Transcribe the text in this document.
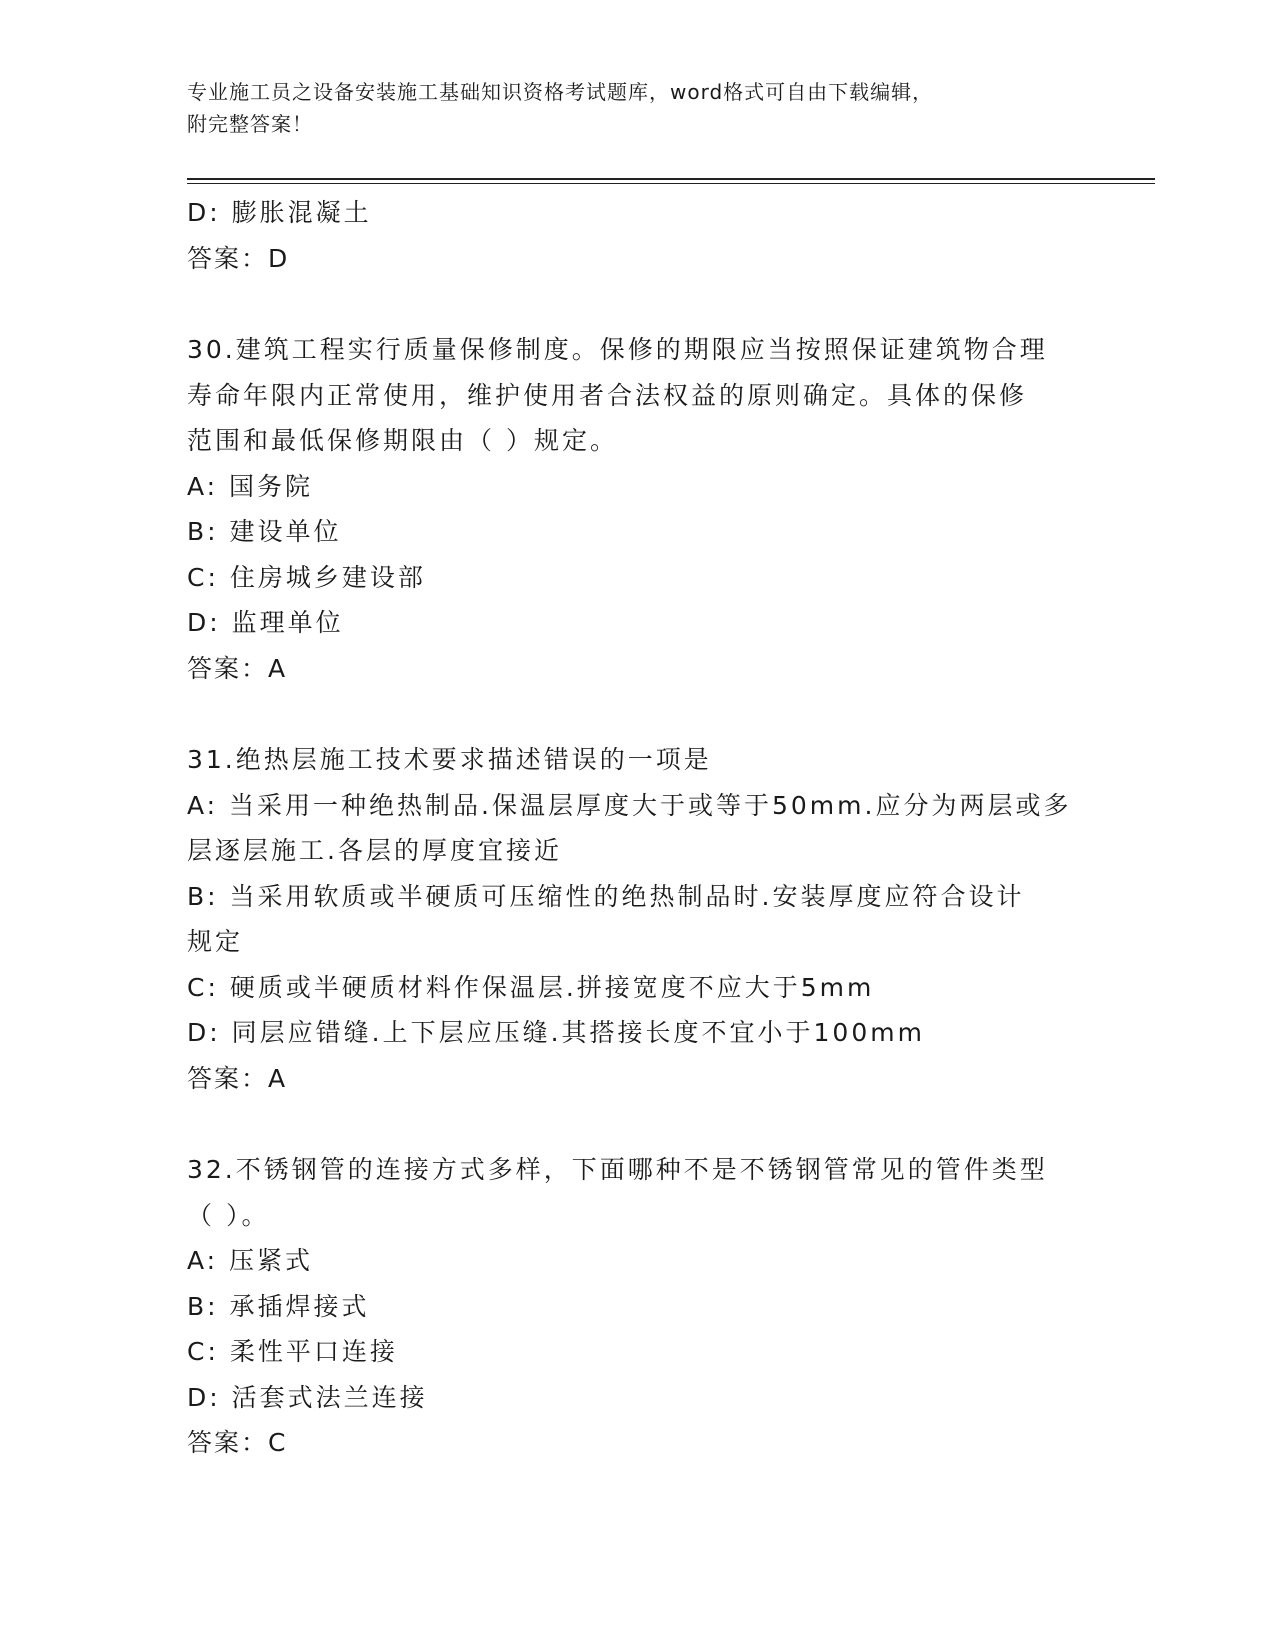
专业施工员之设备安装施工基础知识资格考试题库，word格式可自由下载编辑，
附完整答案！
D: 膨胀混凝土
答案：D
30.建筑工程实行质量保修制度。保修的期限应当按照保证建筑物合理
寿命年限内正常使用，维护使用者合法权益的原则确定。具体的保修
范围和最低保修期限由（ ）规定。
A: 国务院
B: 建设单位
C: 住房城乡建设部
D: 监理单位
答案：A
31.绝热层施工技术要求描述错误的一项是
A: 当采用一种绝热制品.保温层厚度大于或等于50mm.应分为两层或多
层逐层施工.各层的厚度宜接近
B: 当采用软质或半硬质可压缩性的绝热制品时.安装厚度应符合设计
规定
C: 硬质或半硬质材料作保温层.拼接宽度不应大于5mm
D: 同层应错缝.上下层应压缝.其搭接长度不宜小于100mm
答案：A
32.不锈钢管的连接方式多样，下面哪种不是不锈钢管常见的管件类型
（ ）。
A: 压紧式
B: 承插焊接式
C: 柔性平口连接
D: 活套式法兰连接
答案：C
